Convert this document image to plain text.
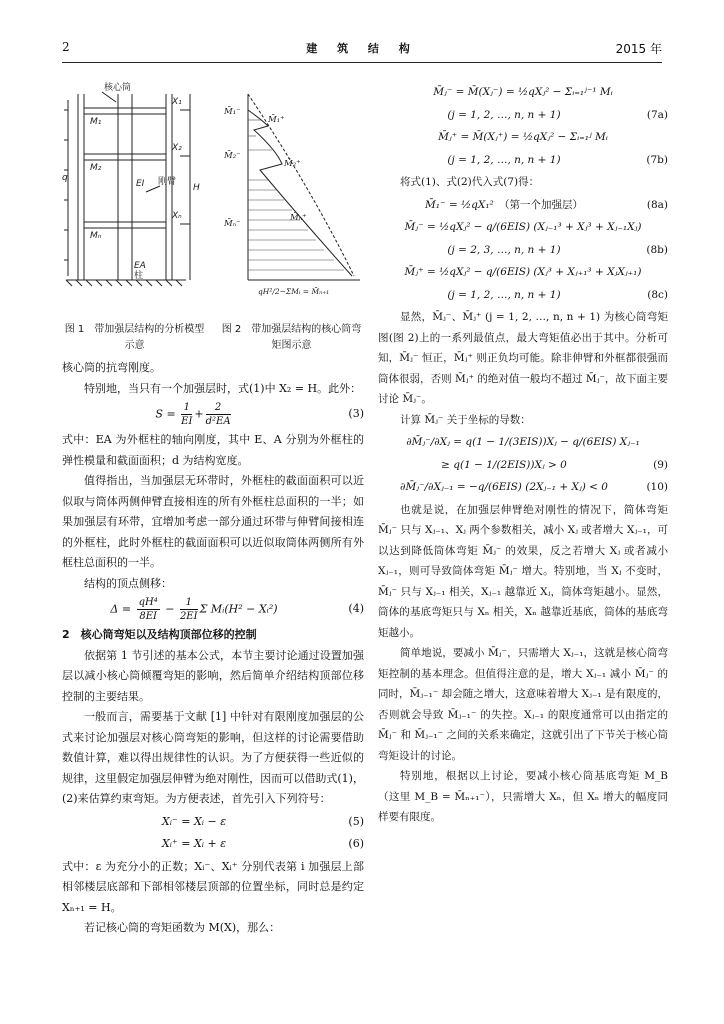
2	建 筑 结 构	2015 年
核心筒
q
EI 刚臂
EA
柱
X₁
X₂
Xₙ
H
M₁
M₂
Mₙ
M̄₁⁻
M̄₁⁺
M̄₂⁻
M̄₂⁺
M̄ₙ⁻
M̄ₙ⁺
qH²/2−ΣMᵢ = M̄ₙ₊₁
图 1　 带加强层结构的分析模型示意
图 2　 带加强层结构的核心筒弯矩图示意

核心筒的抗弯刚度。

特别地，当只有一个加强层时，式(1)中 X₂ = H。此外：

$S = \frac{1}{EI} + \frac{2}{\text{d²EA}}$	(3)

式中：EA 为外框柱的轴向刚度，其中 E、A 分别为外框柱的弹性模量和截面面积；d 为结构宽度。

值得指出，当加强层无环带时，外框柱的截面面积可以近似取与筒体两侧伸臂直接相连的所有外框柱总面积的一半；如果加强层有环带，宜增加考虑一部分通过环带与伸臂间接相连的外框柱，此时外框柱的截面面积可以近似取筒体两侧所有外框柱总面积的一半。

结构的顶点侧移：

$\Delta = \frac{\text{qH⁴}}{8EI} - \frac{1}{2EI}$ Σ Mᵢ(H² − Xᵢ²)	(4)

2　核心筒弯矩以及结构顶部位移的控制

依据第 1 节引述的基本公式，本节主要讨论通过设置加强层以减小核心筒倾覆弯矩的影响，然后简单介绍结构顶部位移控制的主要结果。

一般而言，需要基于文献 [1] 中针对有限刚度加强层的公式来讨论加强层对核心筒弯矩的影响，但这样的讨论需要借助数值计算，难以得出规律性的认识。为了方便获得一些近似的规律，这里假定加强层伸臂为绝对刚性，因而可以借助式(1)，(2)来估算约束弯矩。为方便表述，首先引入下列符号：

Xᵢ⁻ = Xᵢ − ε	(5)
Xᵢ⁺ = Xᵢ + ε	(6)

式中：ε 为充分小的正数；Xᵢ⁻、Xᵢ⁺ 分别代表第 i 加强层上部相邻楼层底部和下部相邻楼层顶部的位置坐标，同时总是约定 Xₙ₊₁ = H。

若记核心筒的弯矩函数为 M(X)，那么：

M̄ⱼ⁻ = M̄(Xⱼ⁻) = ½qXⱼ² − Σᵢ₌₁ʲ⁻¹ Mᵢ
(j = 1, 2, …, n, n + 1)	(7a)
M̄ⱼ⁺ = M̄(Xⱼ⁺) = ½qXⱼ² − Σᵢ₌₁ʲ Mᵢ
(j = 1, 2, …, n, n + 1)	(7b)

将式(1)、式(2)代入式(7)得：

M̄₁⁻ = ½qX₁²　 （第一个加强层）	(8a)
M̄ⱼ⁻ = ½qXⱼ² − q/(6EIS) (Xⱼ₋₁³ + Xⱼ³ + Xⱼ₋₁Xⱼ)
(j = 2, 3, …, n, n + 1)	(8b)
M̄ⱼ⁺ = ½qXⱼ² − q/(6EIS) (Xⱼ³ + Xⱼ₊₁³ + XⱼXⱼ₊₁)
(j = 1, 2, …, n, n + 1)	(8c)

显然，M̄ⱼ⁻、M̄ⱼ⁺ (j = 1, 2, …, n, n + 1) 为核心筒弯矩图(图 2)上的一系列最值点，最大弯矩值必出于其中。分析可知，M̄ⱼ⁻ 恒正，M̄ⱼ⁺ 则正负均可能。除非伸臂和外框都很强而筒体很弱，否则 M̄ⱼ⁺ 的绝对值一般均不超过 M̄ⱼ⁻，故下面主要讨论 M̄ⱼ⁻。

计算 M̄ⱼ⁻ 关于坐标的导数：

∂M̄ⱼ⁻/∂Xⱼ = q(1 − 1/(3EIS))Xⱼ − q/(6EIS) Xⱼ₋₁
≥ q(1 − 1/(2EIS))Xⱼ > 0	(9)
∂M̄ⱼ⁻/∂Xⱼ₋₁ = −q/(6EIS) (2Xⱼ₋₁ + Xⱼ) < 0	(10)

也就是说，在加强层伸臂绝对刚性的情况下，简体弯矩 M̄ⱼ⁻ 只与 Xⱼ₋₁、Xⱼ 两个参数相关，减小 Xⱼ 或者增大 Xⱼ₋₁，可以达到降低筒体弯矩 M̄ⱼ⁻ 的效果，反之若增大 Xⱼ 或者减小 Xⱼ₋₁，则可导致筒体弯矩 M̄ⱼ⁻ 增大。特别地，当 Xⱼ 不变时，M̄ⱼ⁻ 只与 Xⱼ₋₁ 相关，Xⱼ₋₁ 越靠近 Xⱼ，筒体弯矩越小。显然，筒体的基底弯矩只与 Xₙ 相关，Xₙ 越靠近基底，筒体的基底弯矩越小。

简单地说，要减小 M̄ⱼ⁻，只需增大 Xⱼ₋₁，这就是核心筒弯矩控制的基本理念。但值得注意的是，增大 Xⱼ₋₁ 减小 M̄ⱼ⁻ 的同时，M̄ⱼ₋₁⁻ 却会随之增大，这意味着增大 Xⱼ₋₁ 是有限度的，否则就会导致 M̄ⱼ₋₁⁻ 的失控。Xⱼ₋₁ 的限度通常可以由指定的 M̄ⱼ⁻ 和 M̄ⱼ₋₁⁻ 之间的关系来确定，这就引出了下节关于核心筒弯矩设计的讨论。

特别地，根据以上讨论，要减小核心筒基底弯矩 M_B（这里 M_B = M̄ₙ₊₁⁻），只需增大 Xₙ，但 Xₙ 增大的幅度同样要有限度。
